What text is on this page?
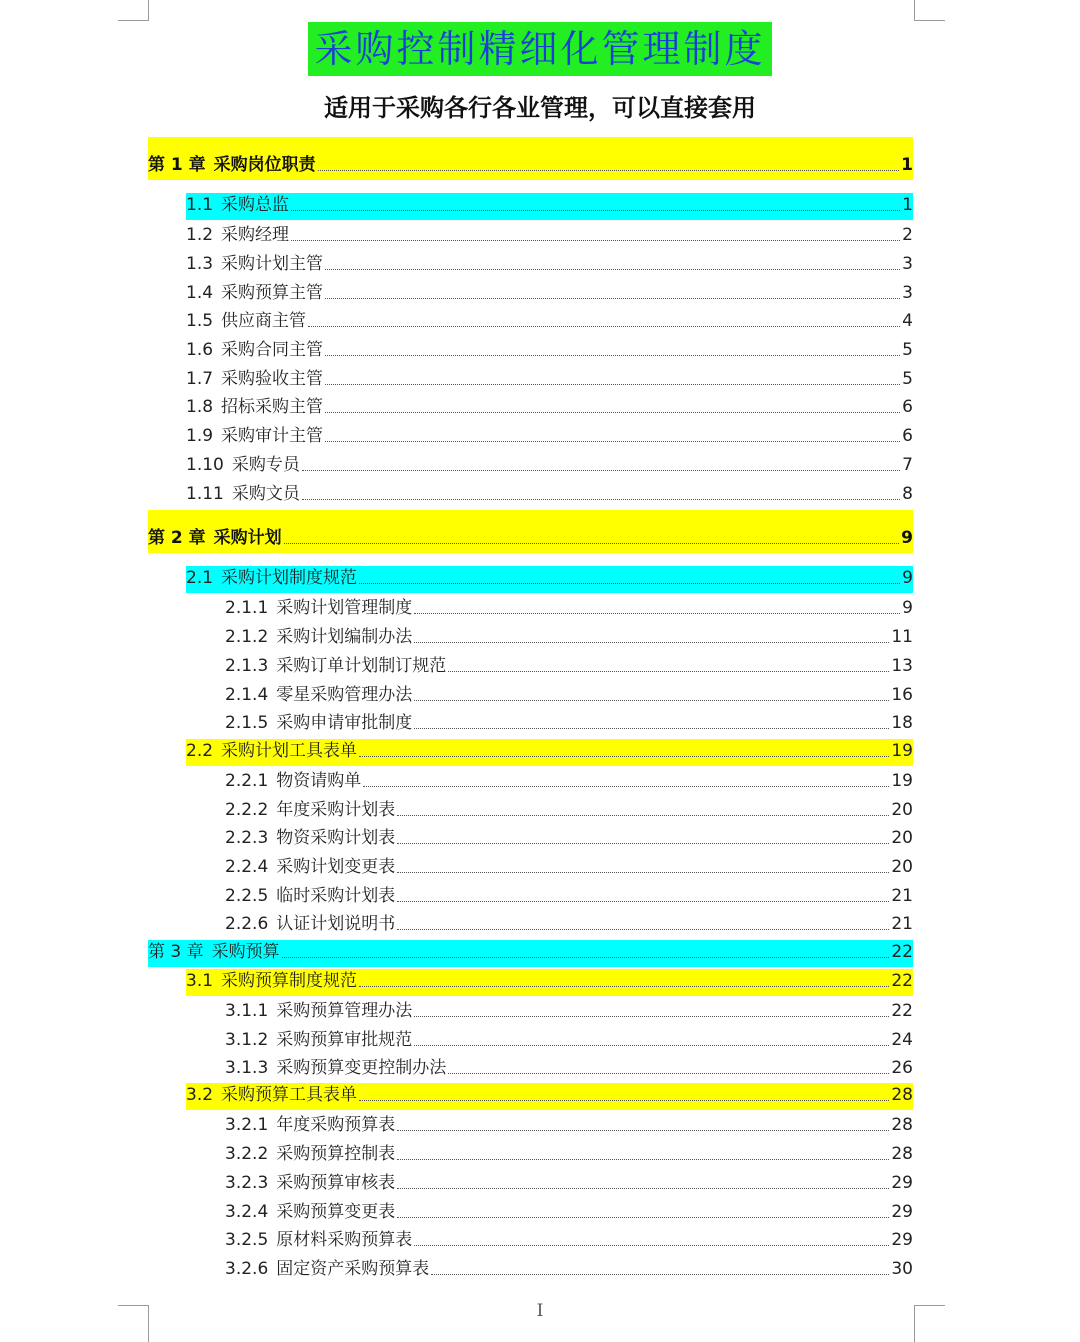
采购控制精细化管理制度
适用于采购各行各业管理，可以直接套用
第 1 章 采购岗位职责	1
1.1 采购总监	1
1.2 采购经理	2
1.3 采购计划主管	3
1.4 采购预算主管	3
1.5 供应商主管	4
1.6 采购合同主管	5
1.7 采购验收主管	5
1.8 招标采购主管	6
1.9 采购审计主管	6
1.10 采购专员	7
1.11 采购文员	8
第 2 章 采购计划	9
2.1 采购计划制度规范	9
2.1.1 采购计划管理制度	9
2.1.2 采购计划编制办法	11
2.1.3 采购订单计划制订规范	13
2.1.4 零星采购管理办法	16
2.1.5 采购申请审批制度	18
2.2 采购计划工具表单	19
2.2.1 物资请购单	19
2.2.2 年度采购计划表	20
2.2.3 物资采购计划表	20
2.2.4 采购计划变更表	20
2.2.5 临时采购计划表	21
2.2.6 认证计划说明书	21
第 3 章 采购预算	22
3.1 采购预算制度规范	22
3.1.1 采购预算管理办法	22
3.1.2 采购预算审批规范	24
3.1.3 采购预算变更控制办法	26
3.2 采购预算工具表单	28
3.2.1 年度采购预算表	28
3.2.2 采购预算控制表	28
3.2.3 采购预算审核表	29
3.2.4 采购预算变更表	29
3.2.5 原材料采购预算表	29
3.2.6 固定资产采购预算表	30
I
